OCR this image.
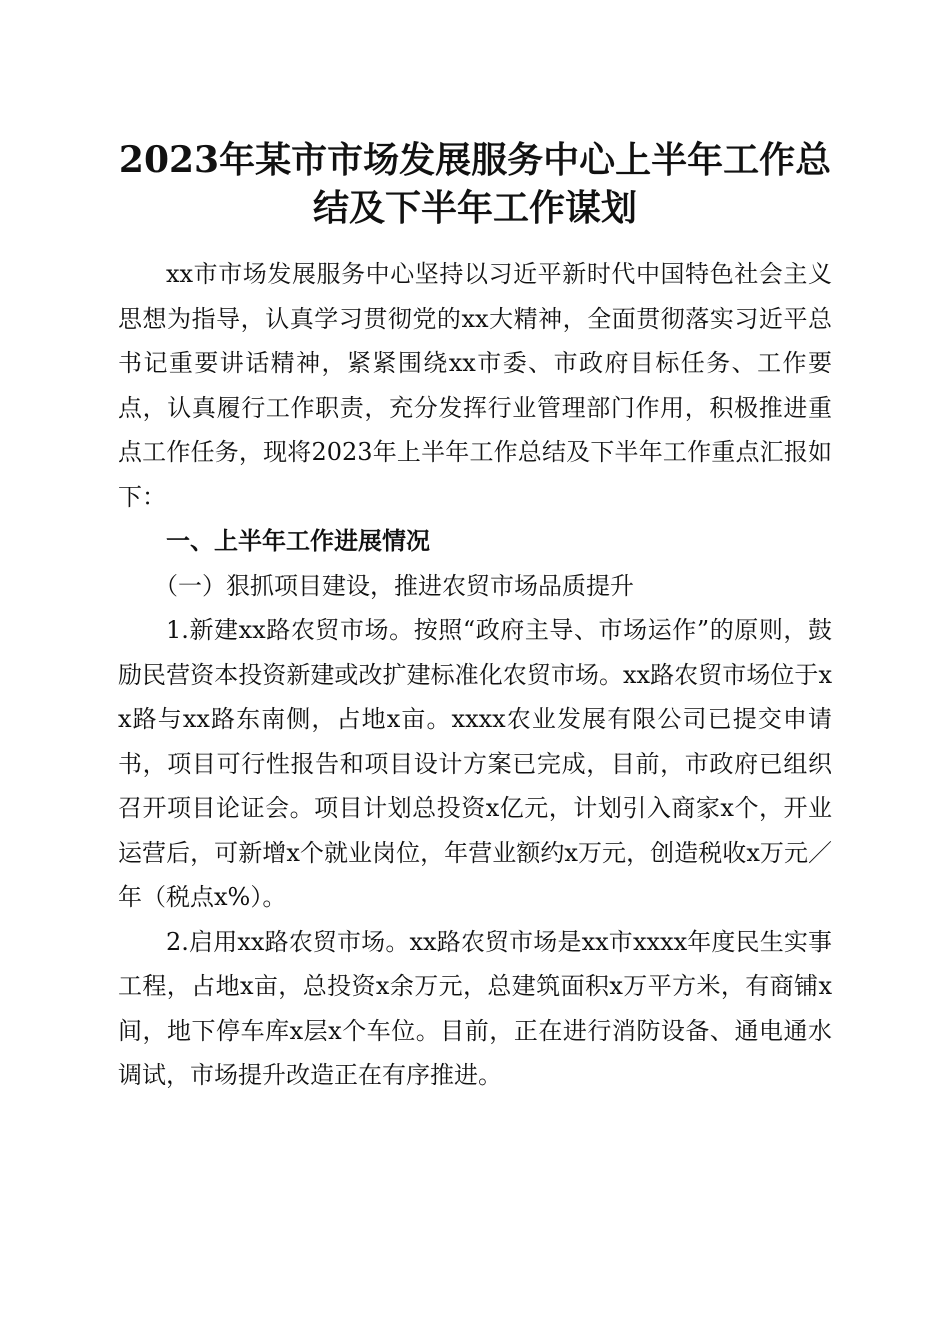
2023年某市市场发展服务中心上半年工作总
结及下半年工作谋划

xx市市场发展服务中心坚持以习近平新时代中国特色社会主义思想为指导，认真学习贯彻党的xx大精神，全面贯彻落实习近平总书记重要讲话精神，紧紧围绕xx市委、市政府目标任务、工作要点，认真履行工作职责，充分发挥行业管理部门作用，积极推进重点工作任务，现将2023年上半年工作总结及下半年工作重点汇报如下：

一、上半年工作进展情况

（一）狠抓项目建设，推进农贸市场品质提升

1.新建xx路农贸市场。按照“政府主导、市场运作”的原则，鼓励民营资本投资新建或改扩建标准化农贸市场。xx路农贸市场位于xx路与xx路东南侧，占地x亩。xxxx农业发展有限公司已提交申请书，项目可行性报告和项目设计方案已完成，目前，市政府已组织召开项目论证会。项目计划总投资x亿元，计划引入商家x个，开业运营后，可新增x个就业岗位，年营业额约x万元，创造税收x万元／年（税点x%）。

2.启用xx路农贸市场。xx路农贸市场是xx市xxxx年度民生实事工程，占地x亩，总投资x余万元，总建筑面积x万平方米，有商铺x间，地下停车库x层x个车位。目前，正在进行消防设备、通电通水调试，市场提升改造正在有序推进。
